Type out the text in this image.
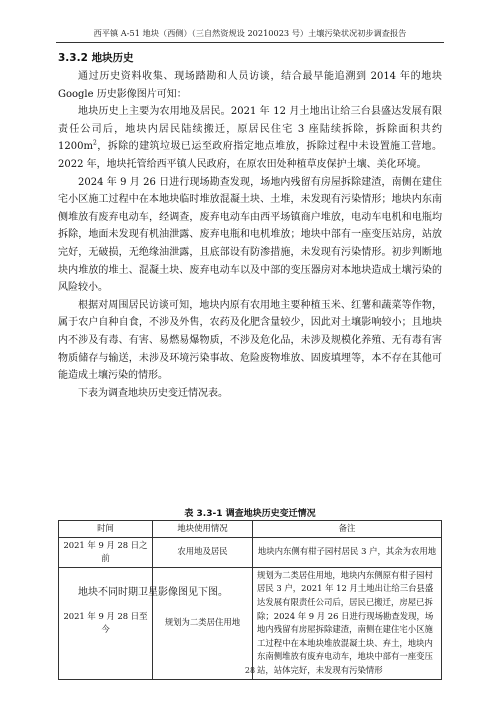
西平镇 A-51 地块（西侧）（三自然资规设 20210023 号）土壤污染状况初步调查报告
3.3.2 地块历史

通过历史资料收集、现场踏勘和人员访谈，结合最早能追溯到 2014 年的地块 Google 历史影像图片可知：

地块历史上主要为农用地及居民。2021 年 12 月土地出让给三台县盛达发展有限责任公司后，地块内居民陆续搬迁，原居民住宅 3 座陆续拆除，拆除面积共约 $1200m^2$，拆除的建筑垃圾已运至政府指定地点堆放，拆除过程中未设置施工营地。2022 年，地块托管给西平镇人民政府，在原农田处种植草皮保护土壤、美化环境。

2024 年 9 月 26 日进行现场勘查发现，场地内残留有房屋拆除建渣，南侧在建住宅小区施工过程中在本地块临时堆放混凝土块、土堆，未发现有污染情形；地块内东南侧堆放有废弃电动车，经调查，废弃电动车由西平场镇商户堆放，电动车电机和电瓶均拆除，地面未发现有机油泄露、废弃电瓶和电机堆放；地块中部有一座变压站房，站放完好，无破损，无绝缘油泄露，且底部设有防渗措施，未发现有污染情形。初步判断地块内堆放的堆土、混凝土块、废弃电动车以及中部的变压器房对本地块造成土壤污染的风险较小。

根据对周围居民访谈可知，地块内原有农用地主要种植玉米、红薯和蔬菜等作物，属于农户自种自食，不涉及外售，农药及化肥含量较少，因此对土壤影响较小；且地块内不涉及有毒、有害、易燃易爆物质，不涉及危化品，未涉及规模化养殖、无有毒有害物质储存与输送，未涉及环境污染事故、危险废物堆放、固废填埋等，本不存在其他可能造成土壤污染的情形。

下表为调查地块历史变迁情况表。

表 3.3-1 调查地块历史变迁情况
时间	地块使用情况	备注
2021 年 9 月 28 日之前	农用地及居民	地块内东侧有柑子园村居民 3 户，其余为农用地
2021 年 9 月 28 日至今	规划为二类居住用地	规划为二类居住用地，地块内东侧原有柑子园村居民 3 户，2021 年 12 月土地出让给三台县盛达发展有限责任公司后，居民已搬迁，房屋已拆除；2024 年 9 月 26 日进行现场勘查发现，场地内残留有房屋拆除建渣，南侧在建住宅小区施工过程中在本地块堆放混凝土块、弃土，地块内东南侧堆放有废弃电动车，地块中部有一座变压站，站体完好，未发现有污染情形

地块不同时期卫星影像图见下图。

28
